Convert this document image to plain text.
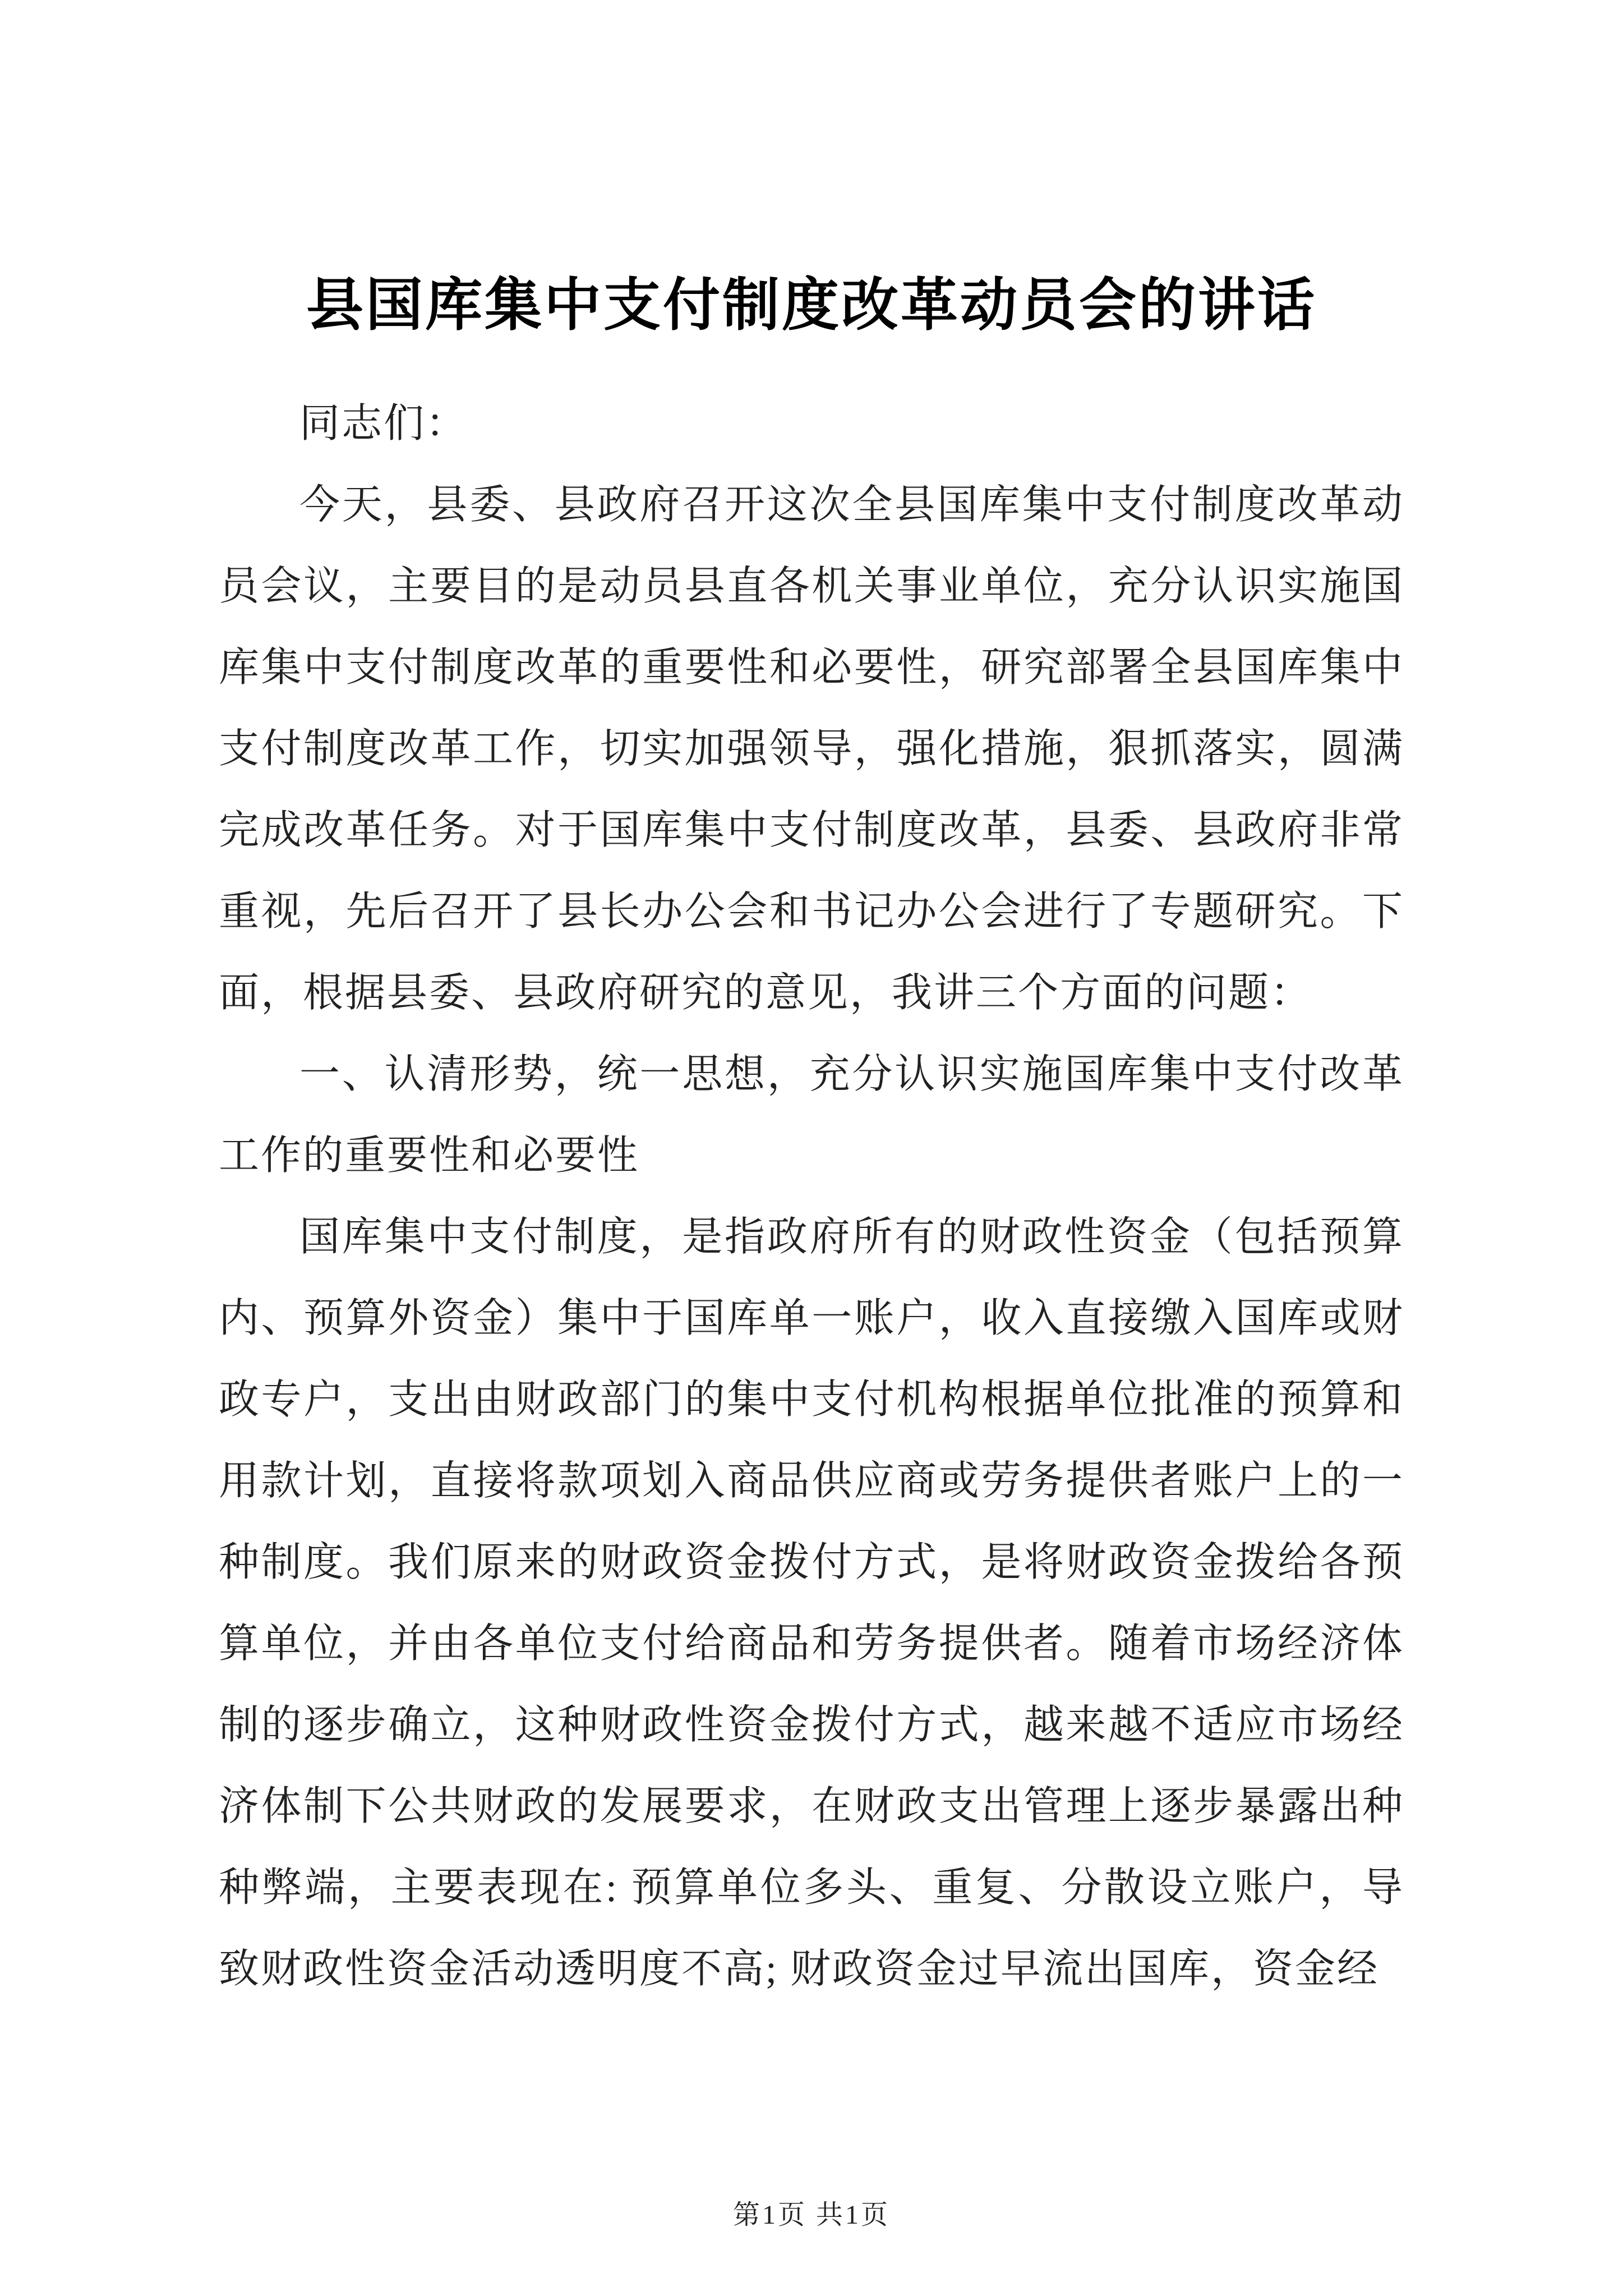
县国库集中支付制度改革动员会的讲话

同志们：

今天，县委、县政府召开这次全县国库集中支付制度改革动员会议，主要目的是动员县直各机关事业单位，充分认识实施国库集中支付制度改革的重要性和必要性，研究部署全县国库集中支付制度改革工作，切实加强领导，强化措施，狠抓落实，圆满完成改革任务。对于国库集中支付制度改革，县委、县政府非常重视，先后召开了县长办公会和书记办公会进行了专题研究。下面，根据县委、县政府研究的意见，我讲三个方面的问题：

一、认清形势，统一思想，充分认识实施国库集中支付改革工作的重要性和必要性

国库集中支付制度，是指政府所有的财政性资金（包括预算内、预算外资金）集中于国库单一账户，收入直接缴入国库或财政专户，支出由财政部门的集中支付机构根据单位批准的预算和用款计划，直接将款项划入商品供应商或劳务提供者账户上的一种制度。我们原来的财政资金拨付方式，是将财政资金拨给各预算单位，并由各单位支付给商品和劳务提供者。随着市场经济体制的逐步确立，这种财政性资金拨付方式，越来越不适应市场经济体制下公共财政的发展要求，在财政支出管理上逐步暴露出种种弊端，主要表现在: 预算单位多头、重复、分散设立账户，导致财政性资金活动透明度不高; 财政资金过早流出国库，资金经

第1页 共1页
